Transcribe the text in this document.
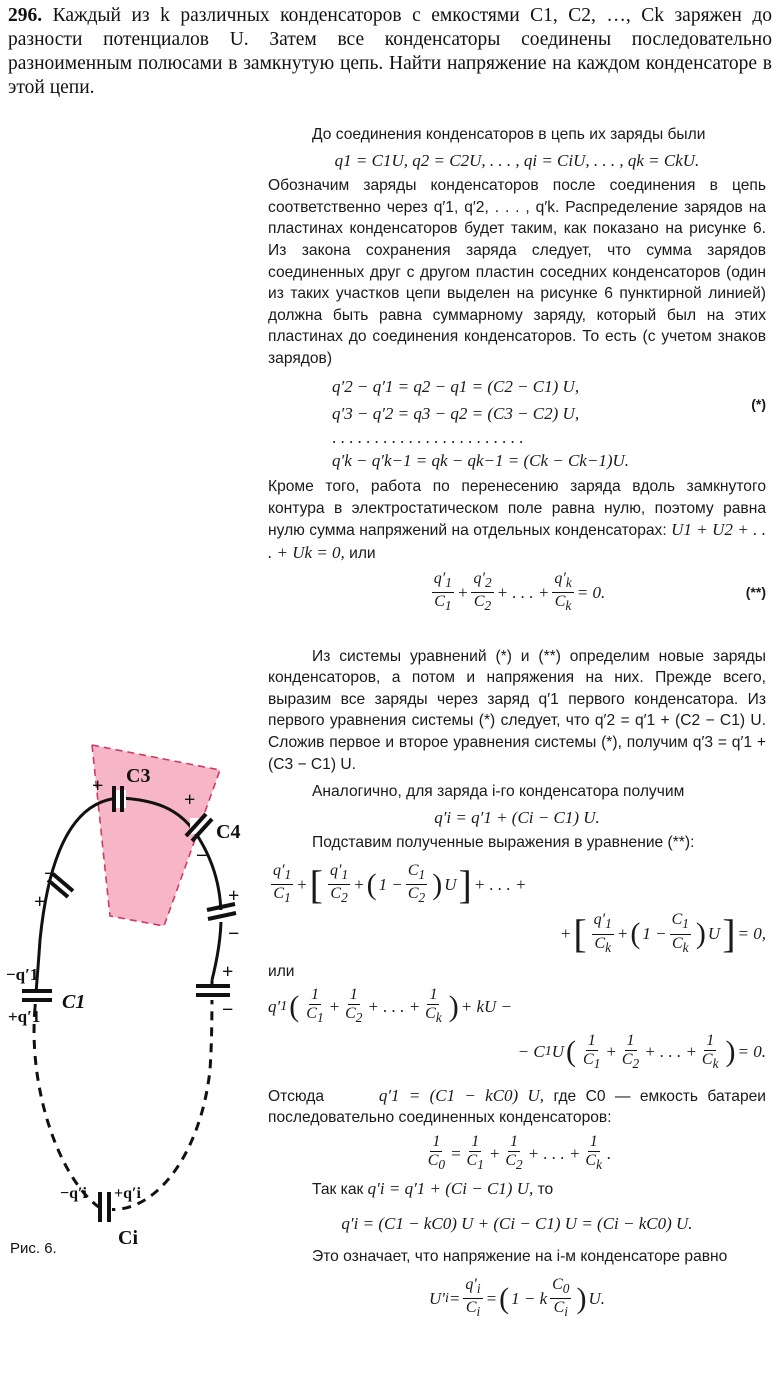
296. Каждый из k различных конденсаторов с емкостями C1, C2, …, Ck заряжен до разности потенциалов U. Затем все конденсаторы соединены последовательно разноименным полюсами в замкнутую цепь. Найти напряжение на каждом конденсаторе в этой цепи.

До соединения конденсаторов в цепь их заряды были

q1 = C1U, q2 = C2U, . . . , qi = CiU, . . . , qk = CkU.

Обозначим заряды конденсаторов после соединения в цепь соответственно через q′1, q′2, . . . , q′k. Распределение зарядов на пластинах конденсаторов будет таким, как показано на рисунке 6. Из закона сохранения заряда следует, что сумма зарядов соединенных друг с другом пластин соседних конденсаторов (один из таких участков цепи выделен на рисунке 6 пунктирной линией) должна быть равна суммарному заряду, который был на этих пластинах до соединения конденсаторов. То есть (с учетом знаков зарядов)

q′2 − q′1 = q2 − q1 = (C2 − C1) U,
q′3 − q′2 = q3 − q2 = (C3 − C2) U,
. . . . . . . . . . . . . . . . . . . . . . .
q′k − q′k−1 = qk − qk−1 = (Ck − Ck−1)U.
(*)

Кроме того, работа по перенесению заряда вдоль замкнутого контура в электростатическом поле равна нулю, поэтому равна нулю сумма напряжений на отдельных конденсаторах: U1 + U2 + . . . + Uk = 0, или

$\frac{q'_1}{C_1} + \frac{q'_2}{C_2}$ + . . . + $\frac{q'_k}{C_k} = 0$.	(**)

Из системы уравнений (*) и (**) определим новые заряды конденсаторов, а потом и напряжения на них. Прежде всего, выразим все заряды через заряд q′1 первого конденсатора. Из первого уравнения системы (*) следует, что q′2 = q′1 + (C2 − C1) U. Сложив первое и второе уравнения системы (*), получим q′3 = q′1 + (C3 − C1) U.

Аналогично, для заряда i-го конденсатора получим

q′i = q′1 + (Ci − C1) U.

Подставим полученные выражения в уравнение (**):

$\frac{q'_1}{C_1}$ + [ $\frac{q'_1}{C_2}$ + ( $1 - \frac{C_1}{C_2}$ ) U ] + . . . +
+ [ $\frac{q'_1}{C_k}$ + ( $1 - \frac{C_1}{C_k}$ ) U ] = 0,

или

q′ 1 ( $\frac{1}{C_1} + \frac{1}{C_2}$ + . . . + $\frac{1}{C_k}$ ) + kU −
− C 1 U ( $\frac{1}{C_1} + \frac{1}{C_2}$ + . . . + $\frac{1}{C_k}$ ) = 0.

Отсюда	q′1 = (C1 − kC0) U, где C0 — емкость батареи последовательно соединенных конденсаторов:

$\frac{1}{C_0} = \frac{1}{C_1} + \frac{1}{C_2}$ + . . . + $\frac{1}{C_k}$ .

Так как q′i = q′1 + (Ci − C1) U, то

q′i = (C1 − kC0) U + (Ci − C1) U = (Ci − kC0) U.

Это означает, что напряжение на i-м конденсаторе равно

U′ $i = \frac{q'_i}{C_i}$ = ( 1 − k $\frac{C_0}{C_i}$ ) U.
C3
C4
C1
Ci
−q′1
+q′1
−q′i +q′i
+
+
−
−
+	+
−
+
−
Рис. 6.
